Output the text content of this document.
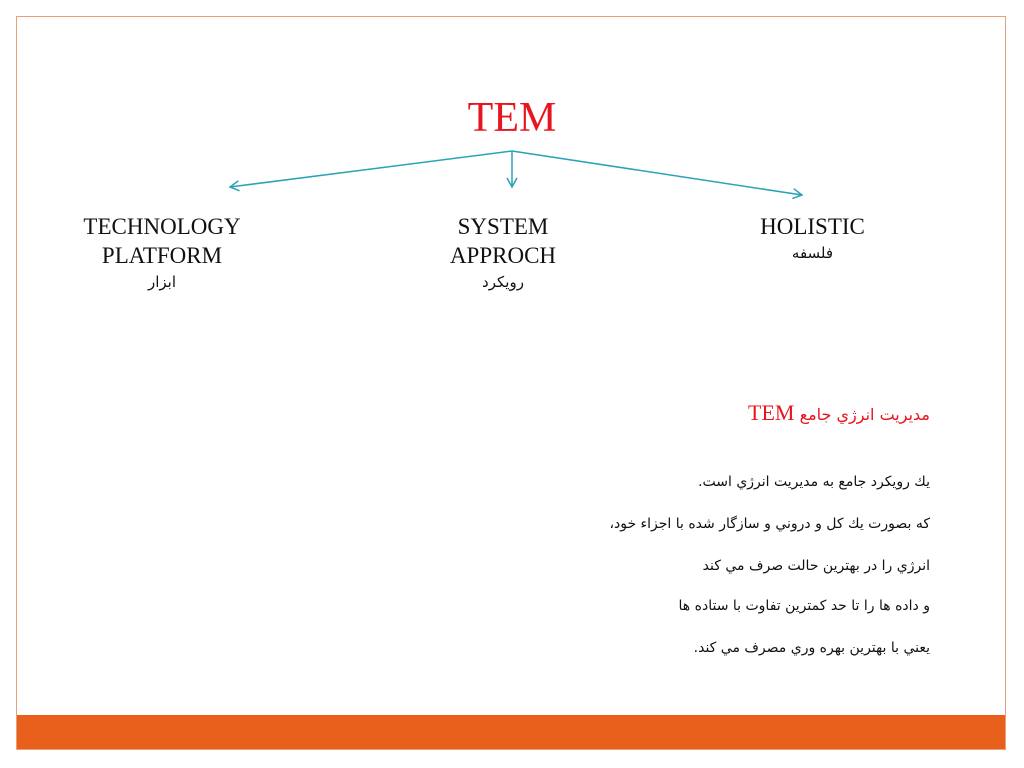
TEM
TECHNOLOGY
PLATFORM
ابزار
SYSTEM
APPROCH
رويكرد
HOLISTIC
فلسفه
مديريت انرژي جامع TEM
يك رويكرد جامع به مديريت انرژي است.
كه بصورت يك كل و دروني و سازگار شده با اجزاء خود،
انرژي را در بهترين حالت صرف مي كند
و داده ها را تا حد كمترين تفاوت با ستاده ها
يعني با بهترين بهره وري مصرف مي كند.
